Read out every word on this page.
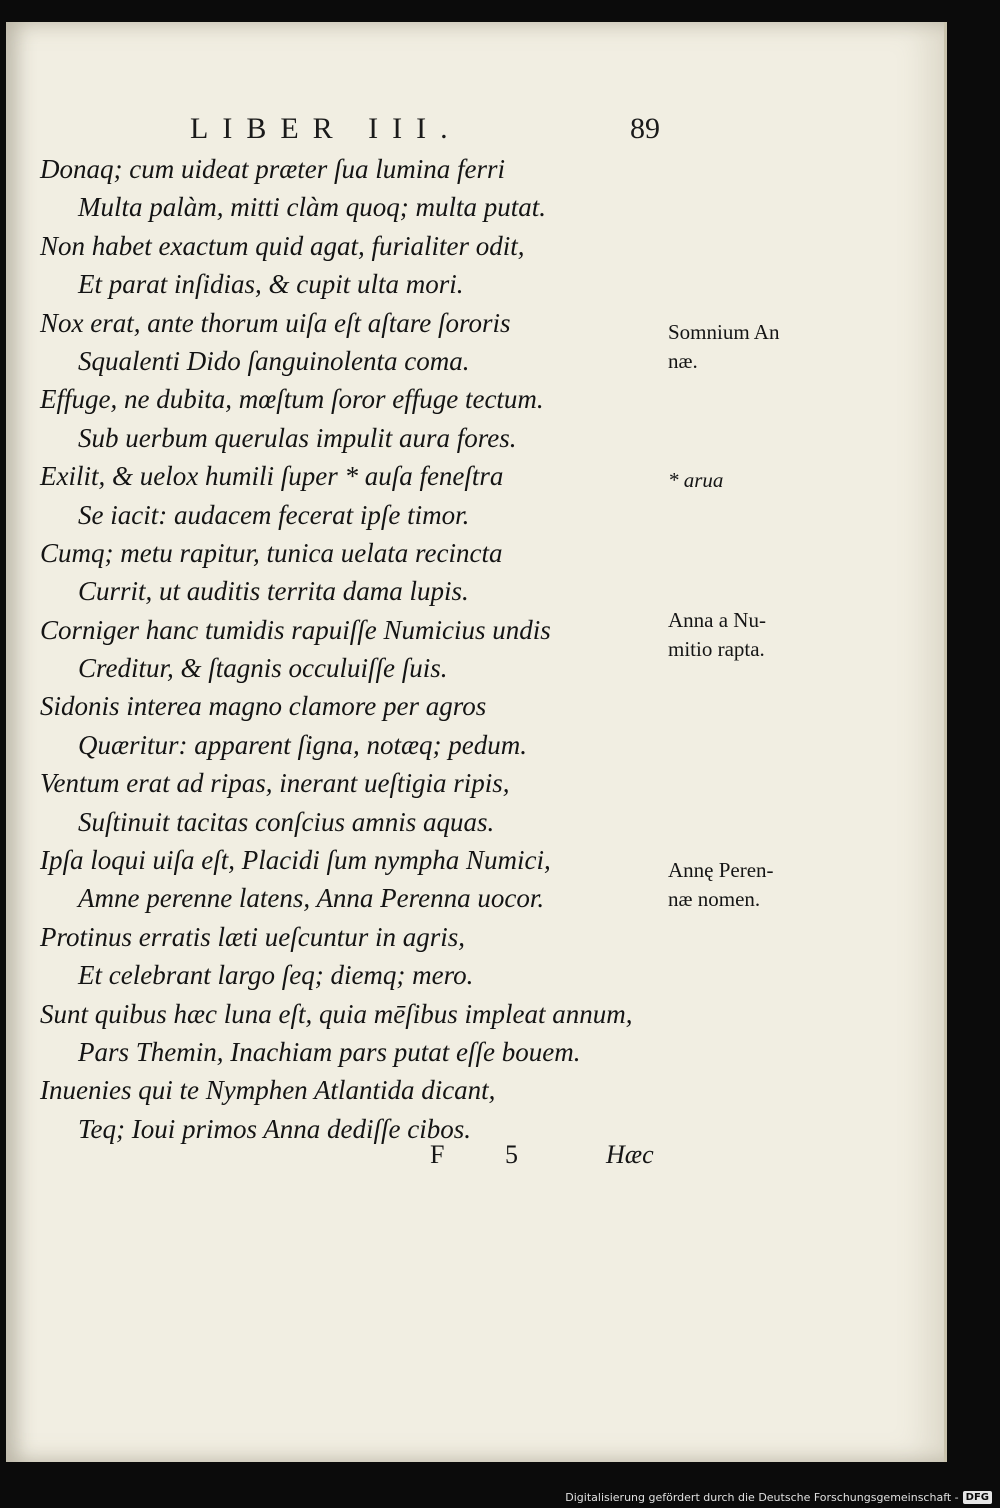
LIBER III.	89
Donaq; cum uideat præter ſua lumina ferri
Multa palàm, mitti clàm quoq; multa putat.
Non habet exactum quid agat, furialiter odit,
Et parat inſidias, & cupit ulta mori.
Nox erat, ante thorum uiſa eſt aſtare ſororis
Squalenti Dido ſanguinolenta coma.
Effuge, ne dubita, mœſtum ſoror effuge tectum.
Sub uerbum querulas impulit aura fores.
Exilit, & uelox humili ſuper * auſa feneſtra
Se iacit: audacem fecerat ipſe timor.
Cumq; metu rapitur, tunica uelata recincta
Currit, ut auditis territa dama lupis.
Corniger hanc tumidis rapuiſſe Numicius undis
Creditur, & ſtagnis occuluiſſe ſuis.
Sidonis interea magno clamore per agros
Quæritur: apparent ſigna, notæq; pedum.
Ventum erat ad ripas, inerant ueſtigia ripis,
Suſtinuit tacitas conſcius amnis aquas.
Ipſa loqui uiſa eſt, Placidi ſum nympha Numici,
Amne perenne latens, Anna Perenna uocor.
Protinus erratis læti ueſcuntur in agris,
Et celebrant largo ſeq; diemq; mero.
Sunt quibus hæc luna eſt, quia mēſibus impleat annum,
Pars Themin, Inachiam pars putat eſſe bouem.
Inuenies qui te Nymphen Atlantida dicant,
Teq; Ioui primos Anna dediſſe cibos.
Somnium An
næ.
* arua
Anna a Nu-
mitio rapta.
Annę Peren-
næ nomen.
F 5	Hæc
Digitalisierung gefördert durch die Deutsche Forschungsgemeinschaft - DFG
